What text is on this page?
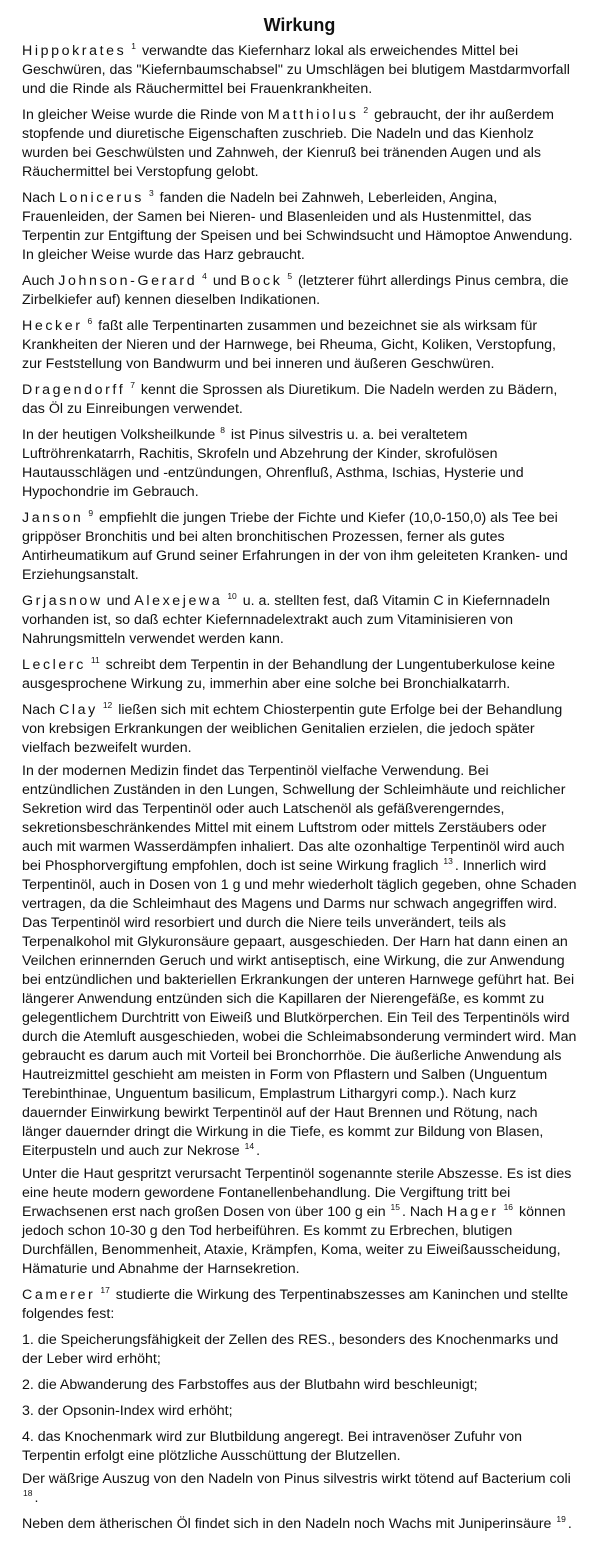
Wirkung

Hippokrates $^1$ verwandte das Kiefernharz lokal als erweichendes Mittel bei Geschwüren, das "Kiefernbaumschabsel" zu Umschlägen bei blutigem Mastdarmvorfall und die Rinde als Räuchermittel bei Frauenkrankheiten.

In gleicher Weise wurde die Rinde von Matthiolus $^2$ gebraucht, der ihr außerdem stopfende und diuretische Eigenschaften zuschrieb. Die Nadeln und das Kienholz wurden bei Geschwülsten und Zahnweh, der Kienruß bei tränenden Augen und als Räuchermittel bei Verstopfung gelobt.

Nach Lonicerus $^3$ fanden die Nadeln bei Zahnweh, Leberleiden, Angina, Frauenleiden, der Samen bei Nieren- und Blasenleiden und als Hustenmittel, das Terpentin zur Entgiftung der Speisen und bei Schwindsucht und Hämoptoe Anwendung. In gleicher Weise wurde das Harz gebraucht.

Auch Johnson-Gerard $^4$ und Bock $^5$ (letzterer führt allerdings Pinus cembra, die Zirbelkiefer auf) kennen dieselben Indikationen.

Hecker $^6$ faßt alle Terpentinarten zusammen und bezeichnet sie als wirksam für Krankheiten der Nieren und der Harnwege, bei Rheuma, Gicht, Koliken, Verstopfung, zur Feststellung von Bandwurm und bei inneren und äußeren Geschwüren.

Dragendorff $^7$ kennt die Sprossen als Diuretikum. Die Nadeln werden zu Bädern, das Öl zu Einreibungen verwendet.

In der heutigen Volksheilkunde $^8$ ist Pinus silvestris u. a. bei veraltetem Luftröhrenkatarrh, Rachitis, Skrofeln und Abzehrung der Kinder, skrofulösen Hautausschlägen und -entzündungen, Ohrenfluß, Asthma, Ischias, Hysterie und Hypochondrie im Gebrauch.

Janson $^9$ empfiehlt die jungen Triebe der Fichte und Kiefer (10,0-150,0) als Tee bei grippöser Bronchitis und bei alten bronchitischen Prozessen, ferner als gutes Antirheumatikum auf Grund seiner Erfahrungen in der von ihm geleiteten Kranken- und Erziehungsanstalt.

Grjasnow und Alexejewa $^{10}$ u. a. stellten fest, daß Vitamin C in Kiefernnadeln vorhanden ist, so daß echter Kiefernnadelextrakt auch zum Vitaminisieren von Nahrungsmitteln verwendet werden kann.

Leclerc $^{11}$ schreibt dem Terpentin in der Behandlung der Lungentuberkulose keine ausgesprochene Wirkung zu, immerhin aber eine solche bei Bronchialkatarrh.

Nach Clay $^{12}$ ließen sich mit echtem Chiosterpentin gute Erfolge bei der Behandlung von krebsigen Erkrankungen der weiblichen Genitalien erzielen, die jedoch später vielfach bezweifelt wurden.

In der modernen Medizin findet das Terpentinöl vielfache Verwendung. Bei entzündlichen Zuständen in den Lungen, Schwellung der Schleimhäute und reichlicher Sekretion wird das Terpentinöl oder auch Latschenöl als gefäßverengerndes, sekretionsbeschränkendes Mittel mit einem Luftstrom oder mittels Zerstäubers oder auch mit warmen Wasserdämpfen inhaliert. Das alte ozonhaltige Terpentinöl wird auch bei Phosphorvergiftung empfohlen, doch ist seine Wirkung fraglich $^{13}$ . Innerlich wird Terpentinöl, auch in Dosen von 1 g und mehr wiederholt täglich gegeben, ohne Schaden vertragen, da die Schleimhaut des Magens und Darms nur schwach angegriffen wird. Das Terpentinöl wird resorbiert und durch die Niere teils unverändert, teils als Terpenalkohol mit Glykuronsäure gepaart, ausgeschieden. Der Harn hat dann einen an Veilchen erinnernden Geruch und wirkt antiseptisch, eine Wirkung, die zur Anwendung bei entzündlichen und bakteriellen Erkrankungen der unteren Harnwege geführt hat. Bei längerer Anwendung entzünden sich die Kapillaren der Nierengefäße, es kommt zu gelegentlichem Durchtritt von Eiweiß und Blutkörperchen. Ein Teil des Terpentinöls wird durch die Atemluft ausgeschieden, wobei die Schleimabsonderung vermindert wird. Man gebraucht es darum auch mit Vorteil bei Bronchorrhöe. Die äußerliche Anwendung als Hautreizmittel geschieht am meisten in Form von Pflastern und Salben (Unguentum Terebinthinae, Unguentum basilicum, Emplastrum Lithargyri comp.). Nach kurz dauernder Einwirkung bewirkt Terpentinöl auf der Haut Brennen und Rötung, nach länger dauernder dringt die Wirkung in die Tiefe, es kommt zur Bildung von Blasen, Eiterpusteln und auch zur Nekrose $^{14}$ .

Unter die Haut gespritzt verursacht Terpentinöl sogenannte sterile Abszesse. Es ist dies eine heute modern gewordene Fontanellenbehandlung. Die Vergiftung tritt bei Erwachsenen erst nach großen Dosen von über 100 g ein $^{15}$ . Nach Hager $^{16}$ können jedoch schon 10-30 g den Tod herbeiführen. Es kommt zu Erbrechen, blutigen Durchfällen, Benommenheit, Ataxie, Krämpfen, Koma, weiter zu Eiweißausscheidung, Hämaturie und Abnahme der Harnsekretion.

Camerer $^{17}$ studierte die Wirkung des Terpentinabszesses am Kaninchen und stellte folgendes fest:

1. die Speicherungsfähigkeit der Zellen des RES., besonders des Knochenmarks und der Leber wird erhöht;

2. die Abwanderung des Farbstoffes aus der Blutbahn wird beschleunigt;

3. der Opsonin-Index wird erhöht;

4. das Knochenmark wird zur Blutbildung angeregt. Bei intravenöser Zufuhr von Terpentin erfolgt eine plötzliche Ausschüttung der Blutzellen.

Der wäßrige Auszug von den Nadeln von Pinus silvestris wirkt tötend auf Bacterium coli $^{18}$ .

Neben dem ätherischen Öl findet sich in den Nadeln noch Wachs mit Juniperinsäure $^{19}$ .
